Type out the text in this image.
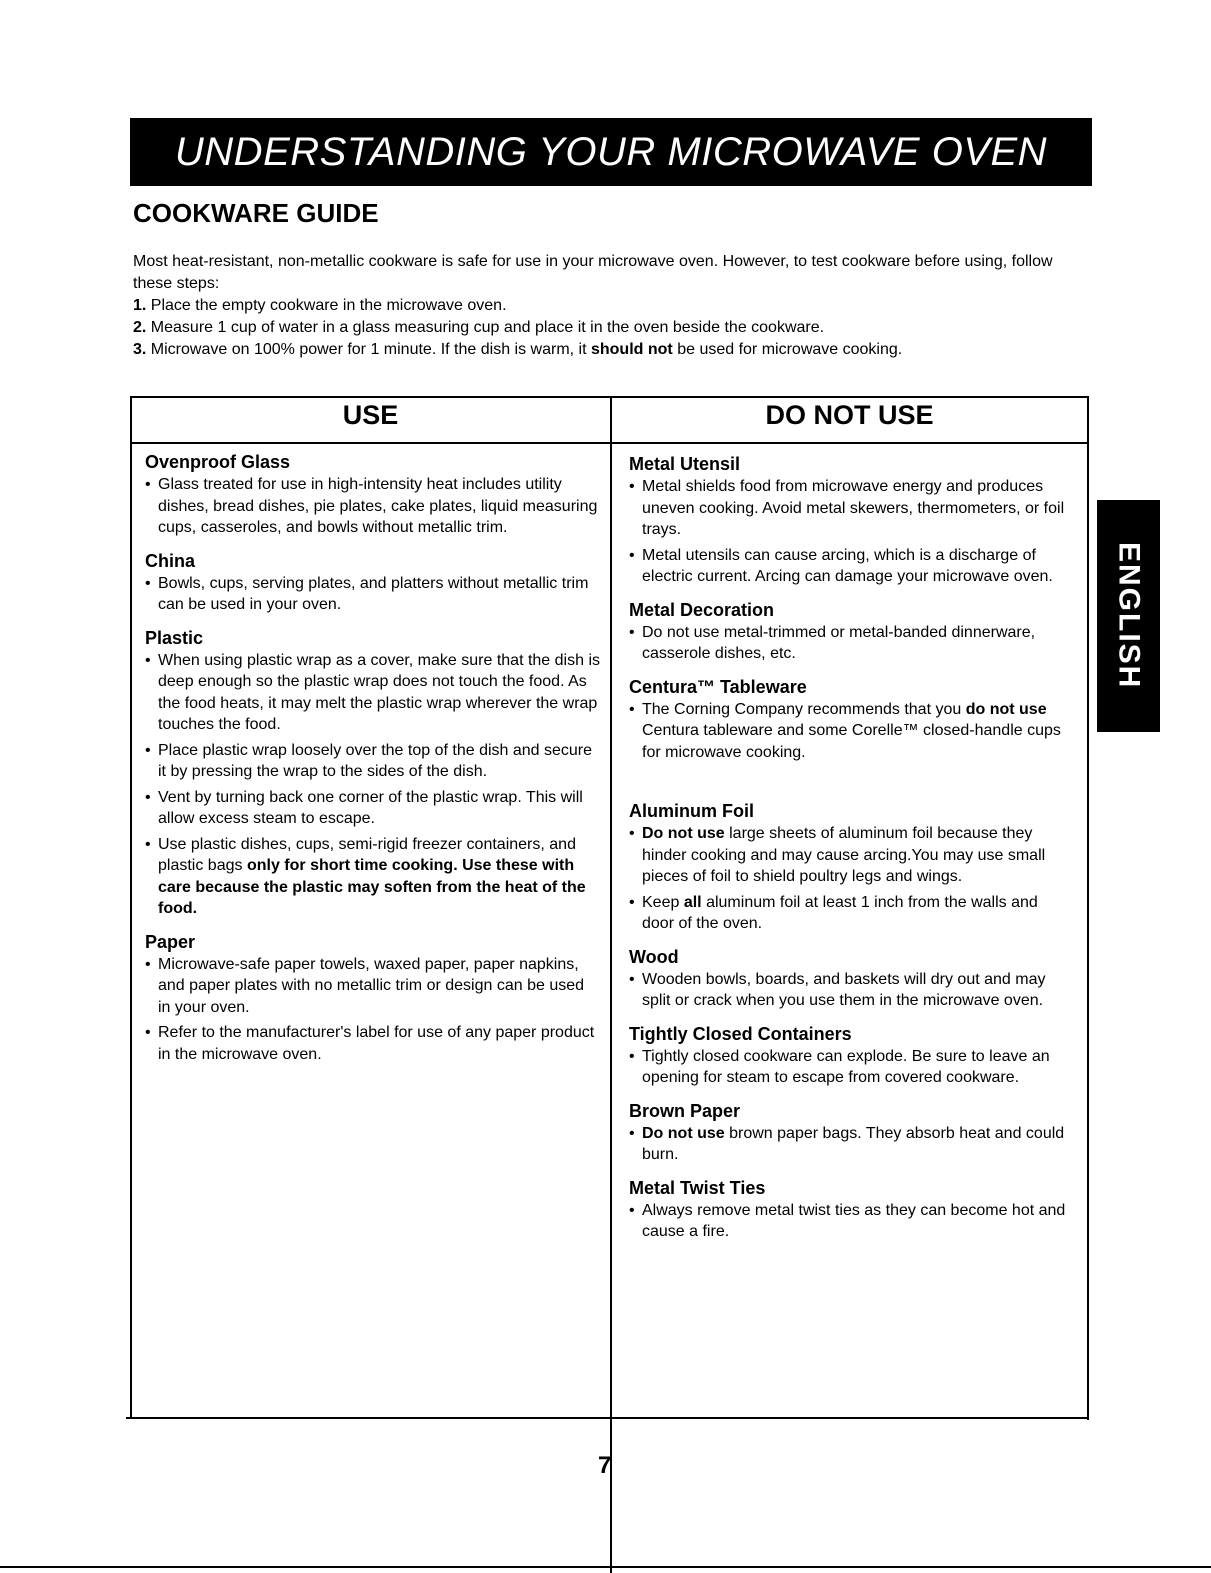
UNDERSTANDING YOUR MICROWAVE OVEN
COOKWARE GUIDE

Most heat-resistant, non-metallic cookware is safe for use in your microwave oven. However, to test cookware before using, follow these steps:

1. Place the empty cookware in the microwave oven.

2. Measure 1 cup of water in a glass measuring cup and place it in the oven beside the cookware.

3. Microwave on 100% power for 1 minute. If the dish is warm, it should not be used for microwave cooking.

USE	DO NOT USE
Ovenproof Glass
• Glass treated for use in high-intensity heat includes utility dishes, bread dishes, pie plates, cake plates, liquid measuring cups, casseroles, and bowls without metallic trim.
China
• Bowls, cups, serving plates, and platters without metallic trim can be used in your oven.
Plastic
• When using plastic wrap as a cover, make sure that the dish is deep enough so the plastic wrap does not touch the food. As the food heats, it may melt the plastic wrap wherever the wrap touches the food.
• Place plastic wrap loosely over the top of the dish and secure it by pressing the wrap to the sides of the dish.
• Vent by turning back one corner of the plastic wrap. This will allow excess steam to escape.
• Use plastic dishes, cups, semi-rigid freezer containers, and plastic bags only for short time cooking. Use these with care because the plastic may soften from the heat of the food.
Paper
• Microwave-safe paper towels, waxed paper, paper napkins, and paper plates with no metallic trim or design can be used in your oven.
• Refer to the manufacturer's label for use of any paper product in the microwave oven.
Metal Utensil
• Metal shields food from microwave energy and produces uneven cooking. Avoid metal skewers, thermometers, or foil trays.
• Metal utensils can cause arcing, which is a discharge of electric current. Arcing can damage your microwave oven.
Metal Decoration
• Do not use metal-trimmed or metal-banded dinnerware, casserole dishes, etc.
Centura™ Tableware
• The Corning Company recommends that you do not use Centura tableware and some Corelle™ closed-handle cups for microwave cooking.
Aluminum Foil
• Do not use large sheets of aluminum foil because they hinder cooking and may cause arcing.You may use small pieces of foil to shield poultry legs and wings.
• Keep all aluminum foil at least 1 inch from the walls and door of the oven.
Wood
• Wooden bowls, boards, and baskets will dry out and may split or crack when you use them in the microwave oven.
Tightly Closed Containers
• Tightly closed cookware can explode. Be sure to leave an opening for steam to escape from covered cookware.
Brown Paper
• Do not use brown paper bags. They absorb heat and could burn.
Metal Twist Ties
• Always remove metal twist ties as they can become hot and cause a fire.
7
ENGLISH
